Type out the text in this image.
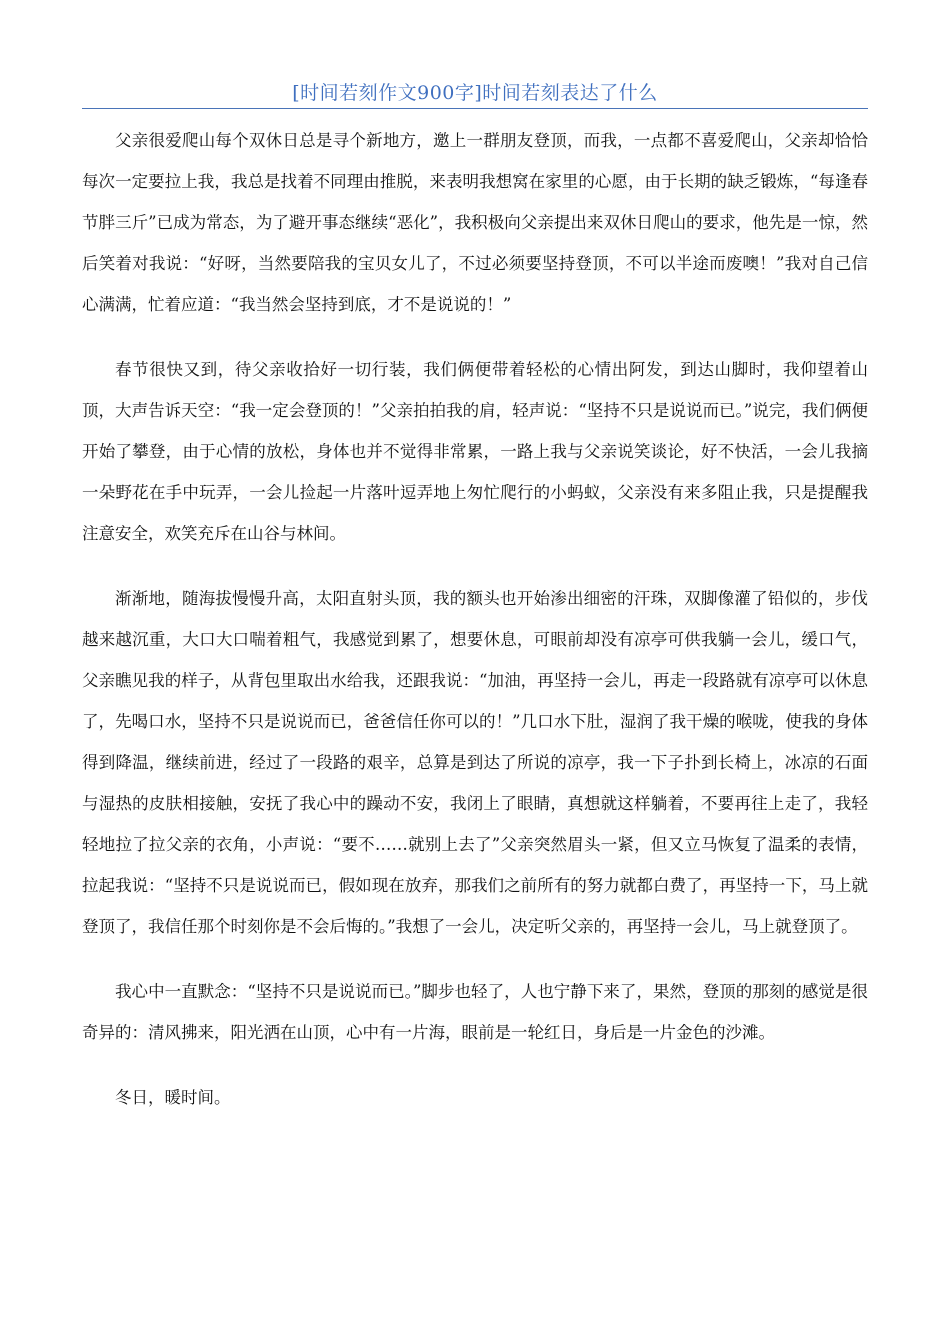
[时间若刻作文900字]时间若刻表达了什么

父亲很爱爬山每个双休日总是寻个新地方，邀上一群朋友登顶，而我，一点都不喜爱爬山，父亲却恰恰每次一定要拉上我，我总是找着不同理由推脱，来表明我想窝在家里的心愿，由于长期的缺乏锻炼，“每逢春节胖三斤”已成为常态，为了避开事态继续“恶化”，我积极向父亲提出来双休日爬山的要求，他先是一惊，然后笑着对我说：“好呀，当然要陪我的宝贝女儿了，不过必须要坚持登顶，不可以半途而废噢！”我对自己信心满满，忙着应道：“我当然会坚持到底，才不是说说的！”

春节很快又到，待父亲收拾好一切行装，我们俩便带着轻松的心情出阿发，到达山脚时，我仰望着山顶，大声告诉天空：“我一定会登顶的！”父亲拍拍我的肩，轻声说：“坚持不只是说说而已。”说完，我们俩便开始了攀登，由于心情的放松，身体也并不觉得非常累，一路上我与父亲说笑谈论，好不快活，一会儿我摘一朵野花在手中玩弄，一会儿捡起一片落叶逗弄地上匆忙爬行的小蚂蚁，父亲没有来多阻止我，只是提醒我注意安全，欢笑充斥在山谷与林间。

渐渐地，随海拔慢慢升高，太阳直射头顶，我的额头也开始渗出细密的汗珠，双脚像灌了铅似的，步伐越来越沉重，大口大口喘着粗气，我感觉到累了，想要休息，可眼前却没有凉亭可供我躺一会儿，缓口气，父亲瞧见我的样子，从背包里取出水给我，还跟我说：“加油，再坚持一会儿，再走一段路就有凉亭可以休息了，先喝口水，坚持不只是说说而已，爸爸信任你可以的！”几口水下肚，湿润了我干燥的喉咙，使我的身体得到降温，继续前进，经过了一段路的艰辛，总算是到达了所说的凉亭，我一下子扑到长椅上，冰凉的石面与湿热的皮肤相接触，安抚了我心中的躁动不安，我闭上了眼睛，真想就这样躺着，不要再往上走了，我轻轻地拉了拉父亲的衣角，小声说：“要不……就别上去了”父亲突然眉头一紧，但又立马恢复了温柔的表情，拉起我说：“坚持不只是说说而已，假如现在放弃，那我们之前所有的努力就都白费了，再坚持一下，马上就登顶了，我信任那个时刻你是不会后悔的。”我想了一会儿，决定听父亲的，再坚持一会儿，马上就登顶了。

我心中一直默念：“坚持不只是说说而已。”脚步也轻了，人也宁静下来了，果然，登顶的那刻的感觉是很奇异的：清风拂来，阳光洒在山顶，心中有一片海，眼前是一轮红日，身后是一片金色的沙滩。

冬日，暖时间。
